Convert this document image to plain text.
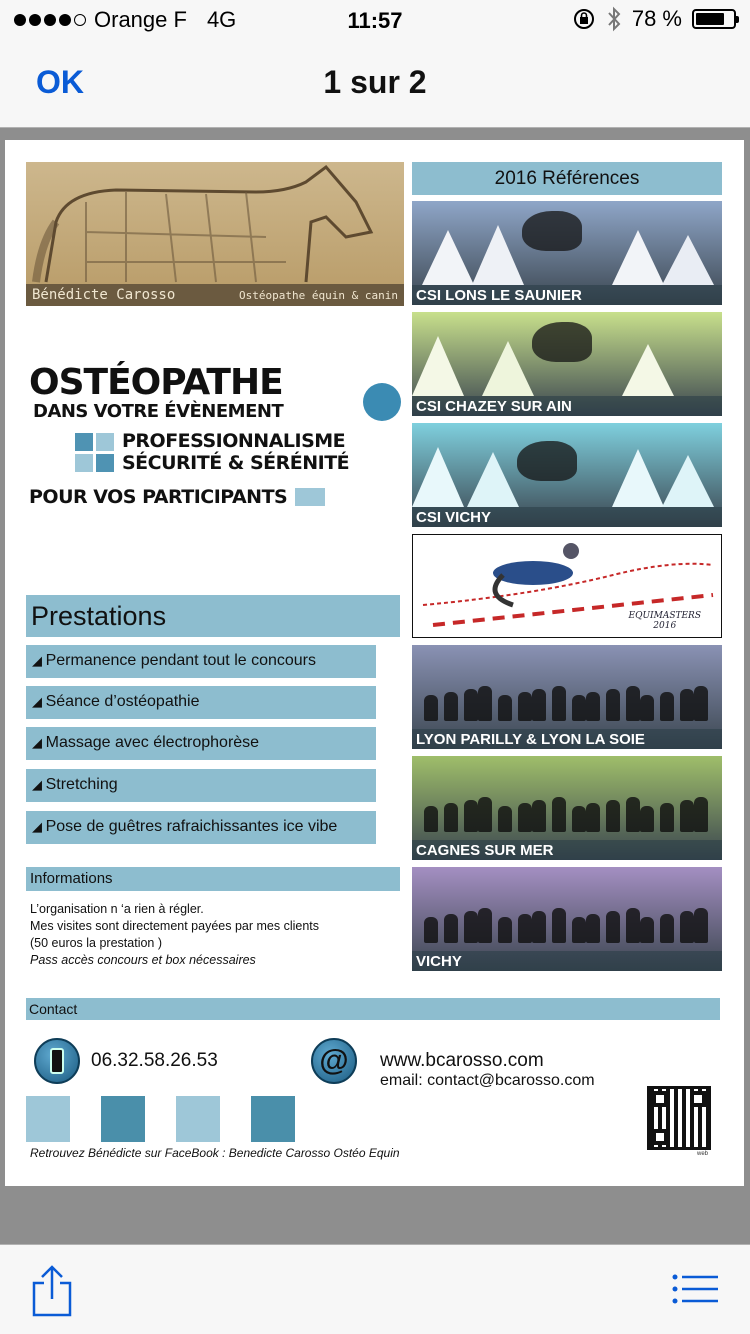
Orange F 4G	11:57	78 %
OK	1 sur 2
Bénédicte Carosso	Ostéopathe équin & canin
OSTÉOPATHE
DANS VOTRE ÉVÈNEMENT
PROFESSIONNALISME
SÉCURITÉ & SÉRÉNITÉ
POUR VOS PARTICIPANTS
Prestations
◢ Permanence pendant tout le concours
◢ Séance d’ostéopathie
◢ Massage avec électrophorèse
◢ Stretching
◢ Pose de guêtres rafraichissantes ice vibe
Informations
L’organisation n ‘a rien à régler.
Mes visites sont directement payées par mes clients
(50 euros la prestation )
Pass accès concours et box nécessaires
2016 Références
CSI LONS LE SAUNIER
CSI CHAZEY SUR AIN
CSI VICHY
EQUIMASTERS
2016
LYON PARILLY & LYON LA SOIE
CAGNES SUR MER
VICHY
Contact
06.32.58.26.53	@	www.bcarosso.com
email: contact@bcarosso.com
Retrouvez Bénédicte sur FaceBook : Benedicte Carosso Ostéo Equin	web
